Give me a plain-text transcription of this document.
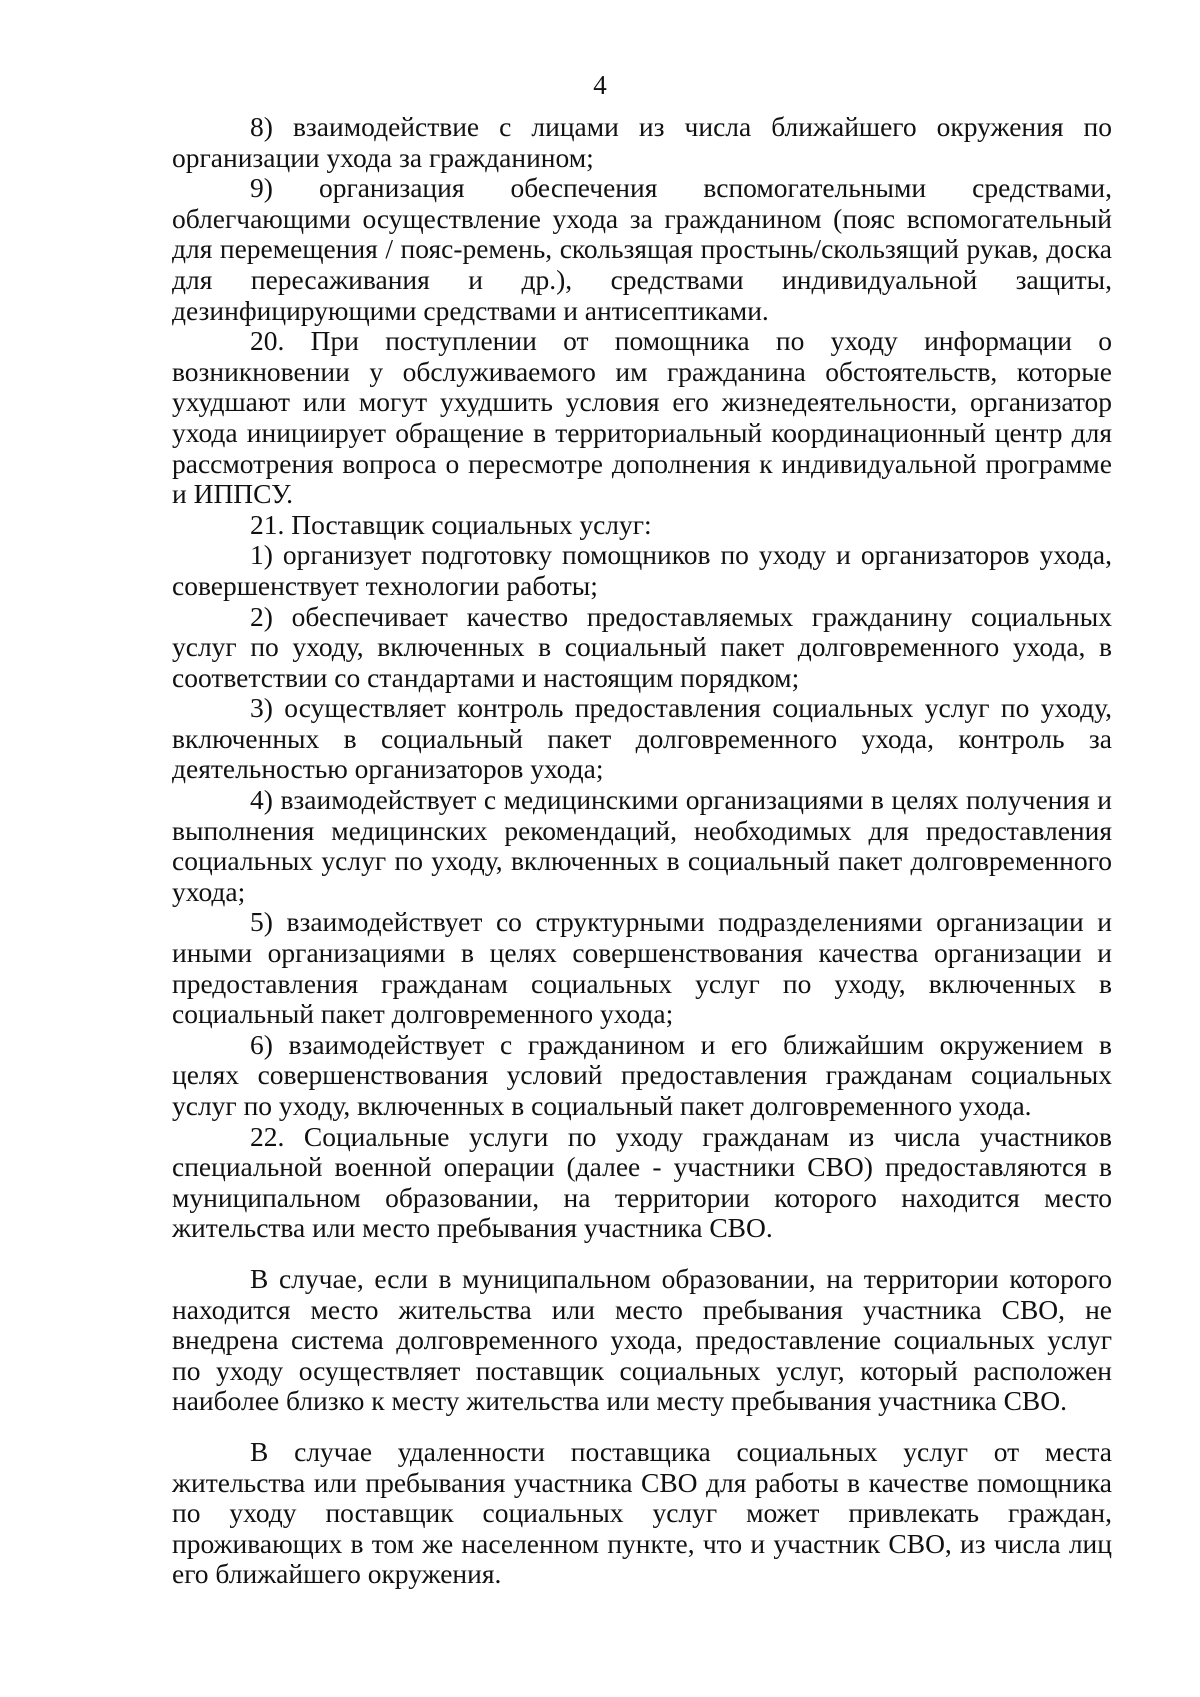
4

8) взаимодействие с лицами из числа ближайшего окружения по организации ухода за гражданином;

9) организация обеспечения вспомогательными средствами, облегчающими осуществление ухода за гражданином (пояс вспомогательный для перемещения / пояс-ремень, скользящая простынь/скользящий рукав, доска для пересаживания и др.), средствами индивидуальной защиты, дезинфицирующими средствами и антисептиками.

20. При поступлении от помощника по уходу информации о возникновении у обслуживаемого им гражданина обстоятельств, которые ухудшают или могут ухудшить условия его жизнедеятельности, организатор ухода инициирует обращение в территориальный координационный центр для рассмотрения вопроса о пересмотре дополнения к индивидуальной программе и ИППСУ.

21. Поставщик социальных услуг:

1) организует подготовку помощников по уходу и организаторов ухода, совершенствует технологии работы;

2) обеспечивает качество предоставляемых гражданину социальных услуг по уходу, включенных в социальный пакет долговременного ухода, в соответствии со стандартами и настоящим порядком;

3) осуществляет контроль предоставления социальных услуг по уходу, включенных в социальный пакет долговременного ухода, контроль за деятельностью организаторов ухода;

4) взаимодействует с медицинскими организациями в целях получения и выполнения медицинских рекомендаций, необходимых для предоставления социальных услуг по уходу, включенных в социальный пакет долговременного ухода;

5) взаимодействует со структурными подразделениями организации и иными организациями в целях совершенствования качества организации и предоставления гражданам социальных услуг по уходу, включенных в социальный пакет долговременного ухода;

6) взаимодействует с гражданином и его ближайшим окружением в целях совершенствования условий предоставления гражданам социальных услуг по уходу, включенных в социальный пакет долговременного ухода.

22. Социальные услуги по уходу гражданам из числа участников специальной военной операции (далее - участники СВО) предоставляются в муниципальном образовании, на территории которого находится место жительства или место пребывания участника СВО.

В случае, если в муниципальном образовании, на территории которого находится место жительства или место пребывания участника СВО, не внедрена система долговременного ухода, предоставление социальных услуг по уходу осуществляет поставщик социальных услуг, который расположен наиболее близко к месту жительства или месту пребывания участника СВО.

В случае удаленности поставщика социальных услуг от места жительства или пребывания участника СВО для работы в качестве помощника по уходу поставщик социальных услуг может привлекать граждан, проживающих в том же населенном пункте, что и участник СВО, из числа лиц его ближайшего окружения.
